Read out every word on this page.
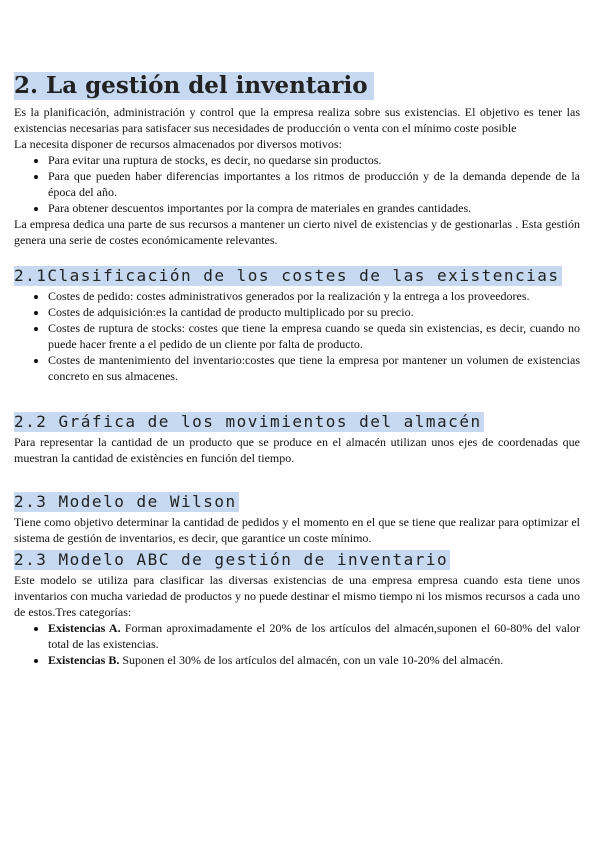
2. La gestión del inventario

Es la planificación, administración y control que la empresa realiza sobre sus existencias. El objetivo es tener las existencias necesarias para satisfacer sus necesidades de producción o venta con el mínimo coste posible

La necesita disponer de recursos almacenados por diversos motivos:

• Para evitar una ruptura de stocks, es decir, no quedarse sin productos.
• Para que pueden haber diferencias importantes a los ritmos de producción y de la demanda depende de la época del año.
• Para obtener descuentos importantes por la compra de materiales en grandes cantidades.

La empresa dedica una parte de sus recursos a mantener un cierto nivel de existencias y de gestionarlas . Esta gestión genera una serie de costes económicamente relevantes.

2.1Clasificación de los costes de las existencias
• Costes de pedido: costes administrativos generados por la realización y la entrega a los proveedores.
• Costes de adquisición:es la cantidad de producto multiplicado por su precio.
• Costes de ruptura de stocks: costes que tiene la empresa cuando se queda sin existencias, es decir, cuando no puede hacer frente a el pedido de un cliente por falta de producto.
• Costes de mantenimiento del inventario:costes que tiene la empresa por mantener un volumen de existencias concreto en sus almacenes.
2.2 Gráfica de los movimientos del almacén

Para representar la cantidad de un producto que se produce en el almacén utilizan unos ejes de coordenadas que muestran la cantidad de existències en función del tiempo.

2.3 Modelo de Wilson

Tiene como objetivo determinar la cantidad de pedidos y el momento en el que se tiene que realizar para optimizar el sistema de gestión de inventarios, es decir, que garantice un coste mínimo.

2.3 Modelo ABC de gestión de inventario

Este modelo se utiliza para clasificar las diversas existencias de una empresa empresa cuando esta tiene unos inventarios con mucha variedad de productos y no puede destinar el mismo tiempo ni los mismos recursos a cada uno de estos.Tres categorías:

• Existencias A. Forman aproximadamente el 20% de los artículos del almacén,suponen el 60-80% del valor total de las existencias.
• Existencias B. Suponen el 30% de los artículos del almacén, con un vale 10-20% del almacén.
